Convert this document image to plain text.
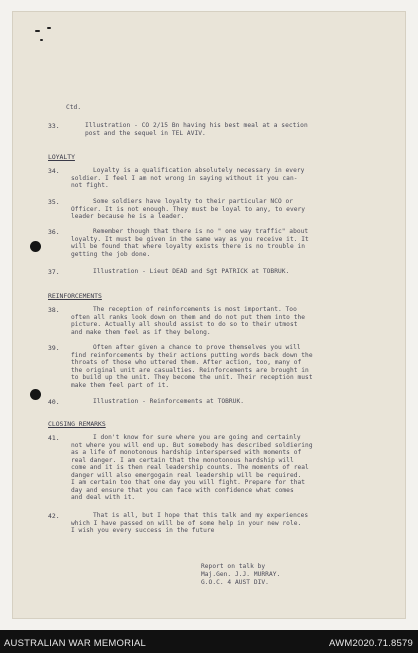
Ctd.
33.	Illustration - CO 2/15 Bn having his best meal at a section
post and the sequel in TEL AVIV.
LOYALTY
34.	Loyalty is a qualification absolutely necessary in every
soldier. I feel I am not wrong in saying without it you can-
not fight.
35.	Some soldiers have loyalty to their particular NCO or
Officer. It is not enough. They must be loyal to any, to every
leader because he is a leader.
36.	Remember though that there is no " one way traffic" about
loyalty. It must be given in the same way as you receive it. It
will be found that where loyalty exists there is no trouble in
getting the job done.
37.	Illustration - Lieut DEAD and Sgt PATRICK at TOBRUK.
REINFORCEMENTS
38.	The reception of reinforcements is most important. Too
often all ranks look down on them and do not put them into the
picture. Actually all should assist to do so to their utmost
and make them feel as if they belong.
39.	Often after given a chance to prove themselves you will
find reinforcements by their actions putting words back down the
throats of those who uttered them. After action, too, many of
the original unit are casualties. Reinforcements are brought in
to build up the unit. They become the unit. Their reception must
make them feel part of it.
40.	Illustration - Reinforcements at TOBRUK.
CLOSING REMARKS
41.	I don't know for sure where you are going and certainly
not where you will end up. But somebody has described soldiering
as a life of monotonous hardship interspersed with moments of
real danger. I am certain that the monotonous hardship will
come and it is then real leadership counts. The moments of real
danger will also emergogain real leadership will be required.
I am certain too that one day you will fight. Prepare for that
day and ensure that you can face with confidence what comes
and deal with it.
42.	That is all, but I hope that this talk and my experiences
which I have passed on will be of some help in your new role.
I wish you every success in the future
Report on talk by
Maj.Gen. J.J. MURRAY.
G.O.C. 4 AUST DIV.
AUSTRALIAN WAR MEMORIAL	AWM2020.71.8579
